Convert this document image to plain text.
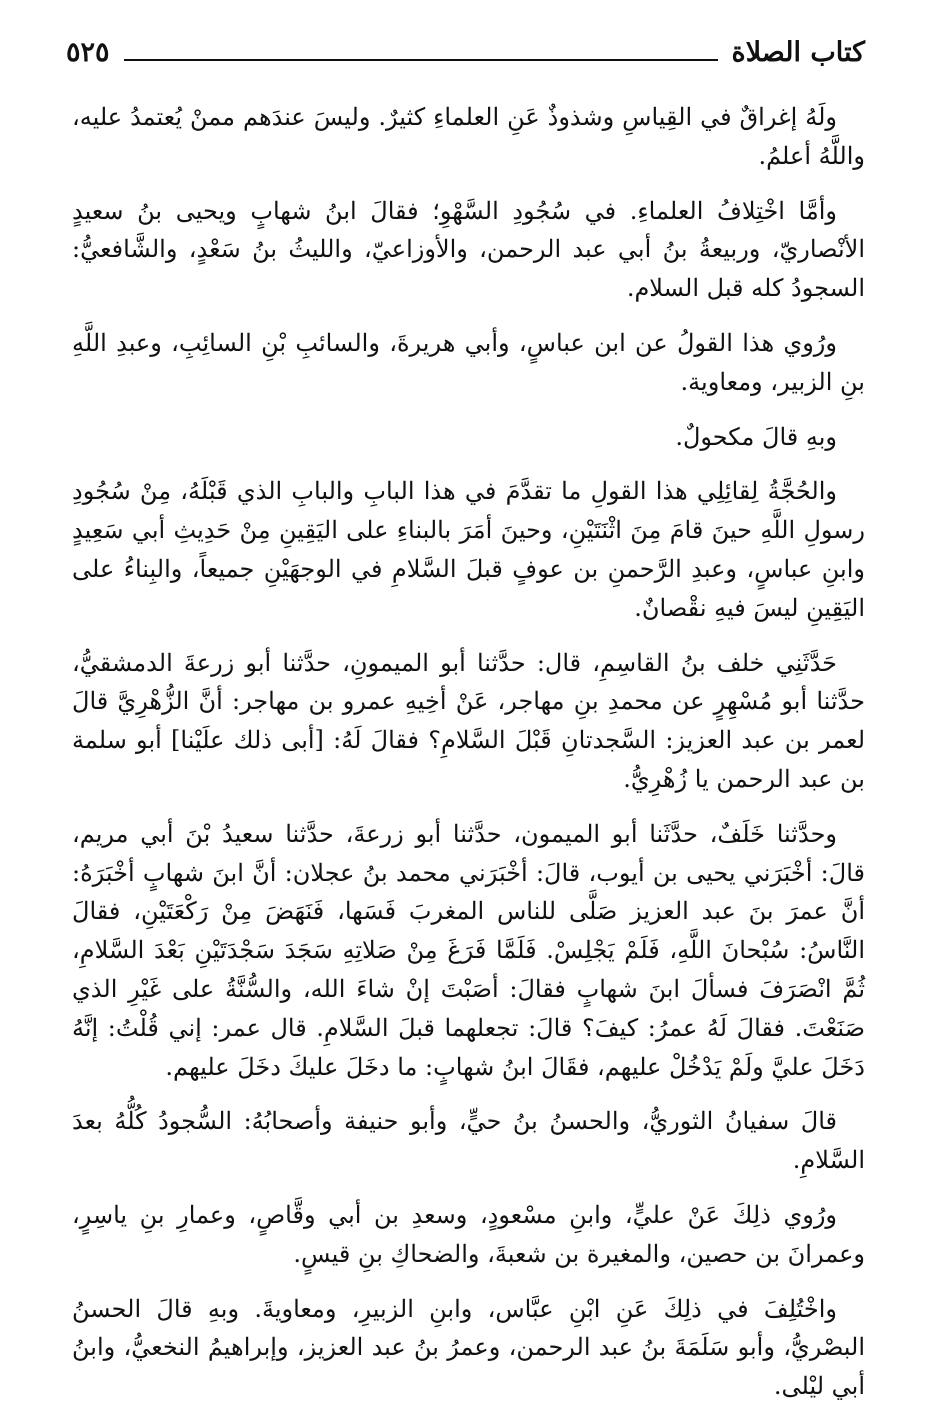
كتاب الصلاة
٥٢٥

ولَهُ إغراقٌ في القِياسِ وشذوذٌ عَنِ العلماءِ كثيرٌ. وليسَ عندَهم ممنْ يُعتمدُ عليه، واللَّهُ أعلمُ.

وأمَّا اخْتِلافُ العلماءِ. في سُجُودِ السَّهْوِ؛ فقالَ ابنُ شهابٍ ويحيى بنُ سعيدٍ الأنْصاريّ، وربيعةُ بنُ أبي عبد الرحمن، والأوزاعيّ، والليثُ بنُ سَعْدٍ، والشَّافعيُّ: السجودُ كله قبل السلام.

ورُوي هذا القولُ عن ابن عباسٍ، وأبي هريرةَ، والسائبِ بْنِ السائِبِ، وعبدِ اللَّهِ بنِ الزبير، ومعاوية.

وبهِ قالَ مكحولٌ.

والحُجَّةُ لِقائِلِي هذا القولِ ما تقدَّمَ في هذا البابِ والبابِ الذي قَبْلَهُ، مِنْ سُجُودِ رسولِ اللَّهِ حينَ قامَ مِنَ اثْنَتَيْنِ، وحينَ أمَرَ بالبناءِ على اليَقِينِ مِنْ حَدِيثِ أبي سَعِيدٍ وابنِ عباسٍ، وعبدِ الرَّحمنِ بن عوفٍ قبلَ السَّلامِ في الوجهَيْنِ جميعاً، والبِناءُ على اليَقِينِ ليسَ فيهِ نقْصانٌ.

حَدَّثَنِي خلف بنُ القاسِمِ، قال: حدَّثنا أبو الميمونِ، حدَّثنا أبو زرعةَ الدمشقيُّ، حدَّثنا أبو مُسْهِرٍ عن محمدِ بنِ مهاجر، عَنْ أخِيهِ عمرو بن مهاجر: أنَّ الزُّهْرِيَّ قالَ لعمر بن عبد العزيز: السَّجدتانِ قَبْلَ السَّلامِ؟ فقالَ لَهُ: [أبى ذلك علَيْنا] أبو سلمة بن عبد الرحمن يا زُهْرِيُّ.

وحدَّثنا خَلَفٌ، حدَّثَنا أبو الميمون، حدَّثنا أبو زرعةَ، حدَّثنا سعيدُ بْنَ أبي مريم، قالَ: أخْبَرَني يحيى بن أيوب، قالَ: أخْبَرَني محمد بنُ عجلان: أنَّ ابنَ شهابٍ أخْبَرَهُ: أنَّ عمرَ بنَ عبد العزيز صَلَّى للناس المغربَ فَسَها، فَنَهَضَ مِنْ رَكْعَتَيْنِ، فقالَ النَّاسُ: سُبْحانَ اللَّهِ، فَلَمْ يَجْلِسْ. فَلَمَّا فَرَغَ مِنْ صَلاتِهِ سَجَدَ سَجْدَتَيْنِ بَعْدَ السَّلامِ، ثُمَّ انْصَرَفَ فسألَ ابنَ شهابٍ فقالَ: أصَبْتَ إنْ شاءَ الله، والسُّنَّةُ على غَيْرِ الذي صَنَعْتَ. فقالَ لَهُ عمرُ: كيفَ؟ قالَ: تجعلهما قبلَ السَّلامِ. قال عمر: إني قُلْتُ: إنَّهُ دَخَلَ عليَّ ولَمْ يَدْخُلْ عليهم، فقَالَ ابنُ شهابٍ: ما دخَلَ عليكَ دخَلَ عليهم.

قالَ سفيانُ الثوريُّ، والحسنُ بنُ حيٍّ، وأبو حنيفة وأصحابُهُ: السُّجودُ كُلُّهُ بعدَ السَّلامِ.

ورُوي ذلِكَ عَنْ عليٍّ، وابنِ مسْعودٍ، وسعدِ بن أبي وقَّاصٍ، وعمارِ بنِ ياسِرٍ، وعمرانَ بن حصين، والمغيرة بن شعبةَ، والضحاكِ بنِ قيسٍ.

واخْتُلِفَ في ذلِكَ عَنِ ابْنِ عبَّاس، وابنِ الزبيرِ، ومعاويةَ. وبهِ قالَ الحسنُ البصْريُّ، وأبو سَلَمَةَ بنُ عبد الرحمن، وعمرُ بنُ عبد العزيز، وإبراهيمُ النخعيُّ، وابنُ أبي ليْلى.
